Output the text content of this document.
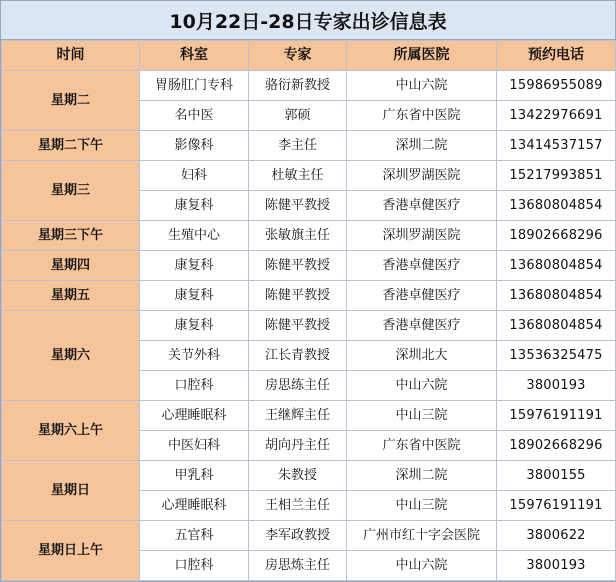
10月22日-28日专家出诊信息表
时间	科室	专家	所属医院	预约电话
星期二	胃肠肛门专科	骆衍新教授	中山六院	15986955089
	名中医	郭硕	广东省中医院	13422976691
星期二下午	影像科	李主任	深圳二院	13414537157
星期三	妇科	杜敏主任	深圳罗湖医院	15217993851
	康复科	陈健平教授	香港卓健医疗	13680804854
星期三下午	生殖中心	张敏旗主任	深圳罗湖医院	18902668296
星期四	康复科	陈健平教授	香港卓健医疗	13680804854
星期五	康复科	陈健平教授	香港卓健医疗	13680804854
星期六	康复科	陈健平教授	香港卓健医疗	13680804854
	关节外科	江长青教授	深圳北大	13536325475
	口腔科	房思练主任	中山六院	3800193
星期六上午	心理睡眠科	王继辉主任	中山三院	15976191191
	中医妇科	胡向丹主任	广东省中医院	18902668296
星期日	甲乳科	朱教授	深圳二院	3800155
	心理睡眠科	王相兰主任	中山三院	15976191191
星期日上午	五官科	李军政教授	广州市红十字会医院	3800622
	口腔科	房思炼主任	中山六院	3800193
